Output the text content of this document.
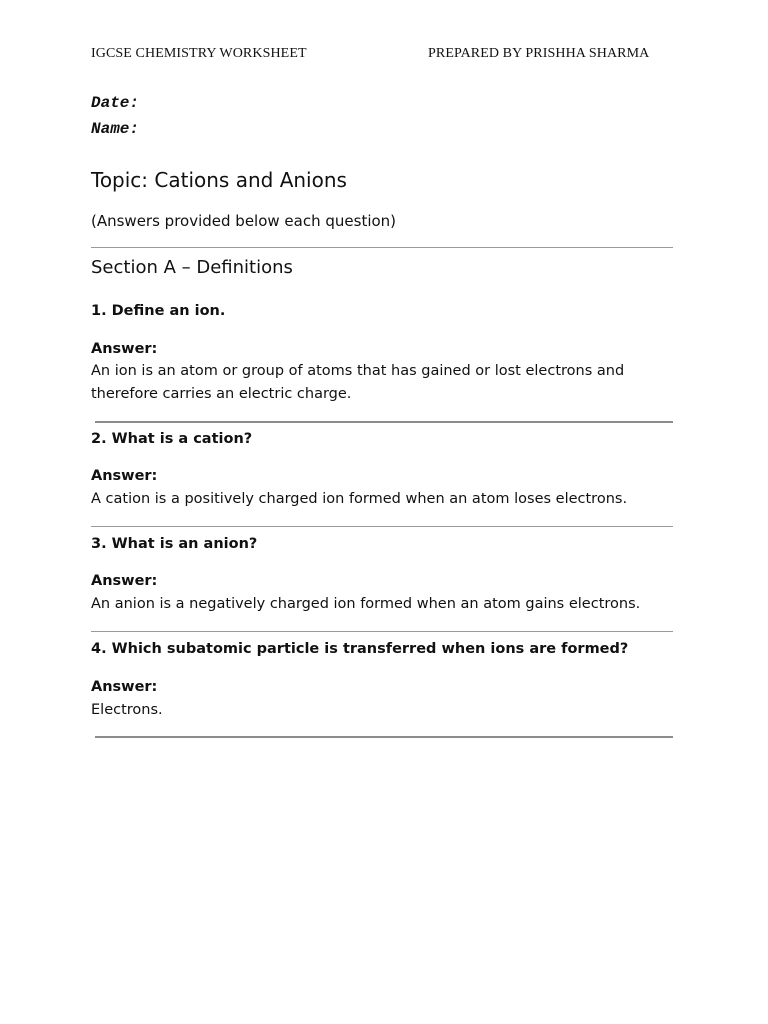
IGCSE CHEMISTRY WORKSHEET	PREPARED BY PRISHHA SHARMA
Date:
Name:
Topic: Cations and Anions
(Answers provided below each question)
Section A – Definitions
1. Define an ion.
Answer:
An ion is an atom or group of atoms that has gained or lost electrons and therefore carries an electric charge.
2. What is a cation?
Answer:
A cation is a positively charged ion formed when an atom loses electrons.
3. What is an anion?
Answer:
An anion is a negatively charged ion formed when an atom gains electrons.
4. Which subatomic particle is transferred when ions are formed?
Answer:
Electrons.
